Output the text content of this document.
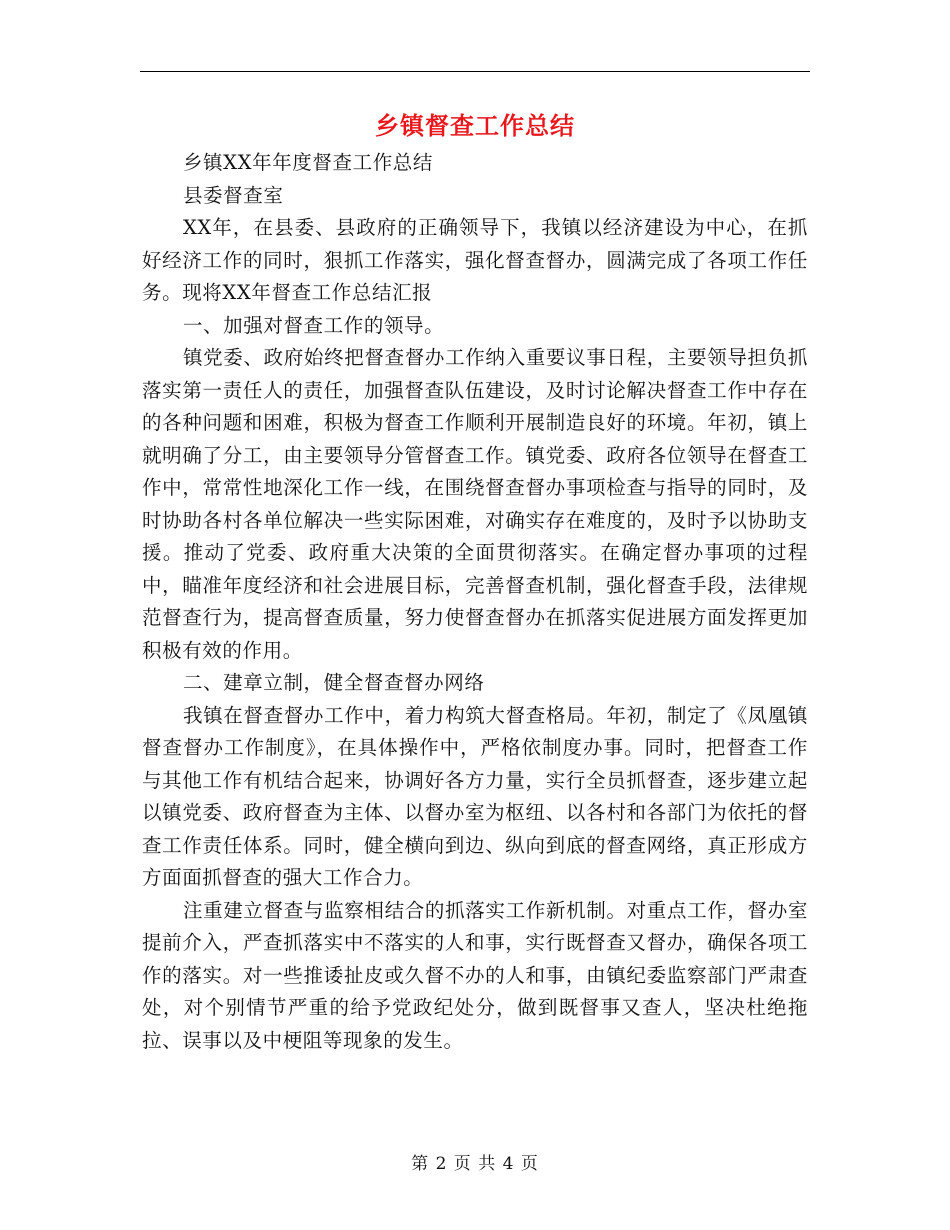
乡镇督查工作总结

乡镇XX年年度督查工作总结

县委督查室

XX年，在县委、县政府的正确领导下，我镇以经济建设为中心，在抓好经济工作的同时，狠抓工作落实，强化督查督办，圆满完成了各项工作任务。现将XX年督查工作总结汇报

一、加强对督查工作的领导。

镇党委、政府始终把督查督办工作纳入重要议事日程，主要领导担负抓落实第一责任人的责任，加强督查队伍建设，及时讨论解决督查工作中存在的各种问题和困难，积极为督查工作顺利开展制造良好的环境。年初，镇上就明确了分工，由主要领导分管督查工作。镇党委、政府各位领导在督查工作中，常常性地深化工作一线，在围绕督查督办事项检查与指导的同时，及时协助各村各单位解决一些实际困难，对确实存在难度的，及时予以协助支援。推动了党委、政府重大决策的全面贯彻落实。在确定督办事项的过程中，瞄准年度经济和社会进展目标，完善督查机制，强化督查手段，法律规范督查行为，提高督查质量，努力使督查督办在抓落实促进展方面发挥更加积极有效的作用。

二、建章立制，健全督查督办网络

我镇在督查督办工作中，着力构筑大督查格局。年初，制定了《凤凰镇督查督办工作制度》，在具体操作中，严格依制度办事。同时，把督查工作与其他工作有机结合起来，协调好各方力量，实行全员抓督查，逐步建立起以镇党委、政府督查为主体、以督办室为枢纽、以各村和各部门为依托的督查工作责任体系。同时，健全横向到边、纵向到底的督查网络，真正形成方方面面抓督查的强大工作合力。

注重建立督查与监察相结合的抓落实工作新机制。对重点工作，督办室提前介入，严查抓落实中不落实的人和事，实行既督查又督办，确保各项工作的落实。对一些推诿扯皮或久督不办的人和事，由镇纪委监察部门严肃查处，对个别情节严重的给予党政纪处分，做到既督事又查人，坚决杜绝拖拉、误事以及中梗阻等现象的发生。

第 2 页 共 4 页
